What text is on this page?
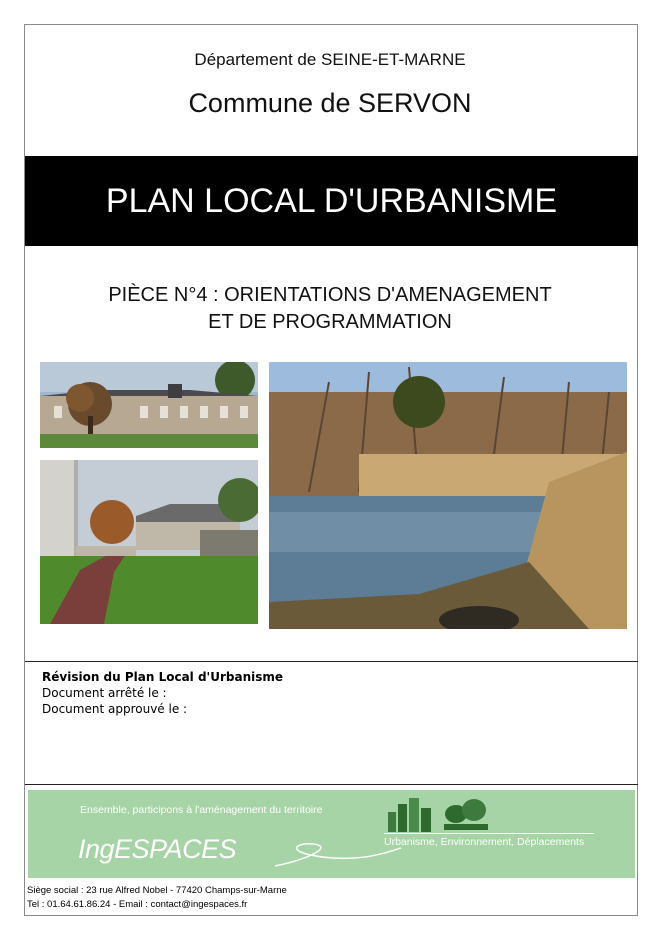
Département de SEINE-ET-MARNE
Commune de SERVON
PLAN LOCAL D'URBANISME
PIÈCE N°4 : ORIENTATIONS D'AMENAGEMENT
ET DE PROGRAMMATION
Révision du Plan Local d'Urbanisme
Document arrêté le :
Document approuvé le :
Ensemble, participons à l'aménagement du territoire
IngESPACES	Urbanisme, Environnement, Déplacements
Siège social : 23 rue Alfred Nobel - 77420 Champs-sur-Marne
Tel : 01.64.61.86.24 - Email : contact@ingespaces.fr
